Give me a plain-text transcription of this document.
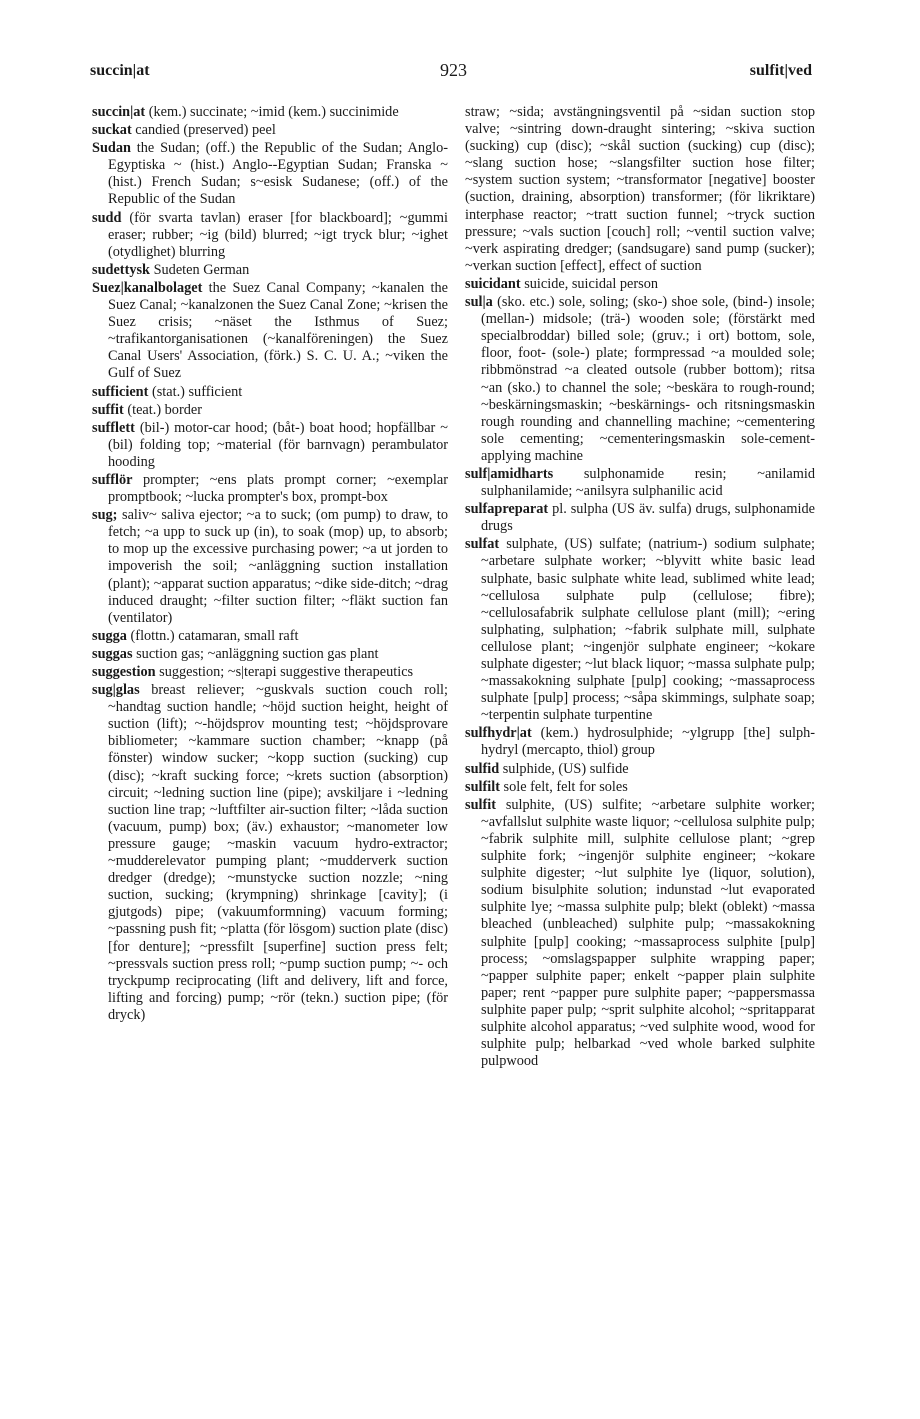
succin|at	923	sulfit|ved

succin|at (kem.) succinate; ~imid (kem.) succinimide

suckat candied (preserved) peel

Sudan the Sudan; (off.) the Republic of the Sudan; Anglo-Egyptiska ~ (hist.) Anglo--Egyptian Sudan; Franska ~ (hist.) French Sudan; s~esisk Sudanese; (off.) of the Republic of the Sudan

sudd (för svarta tavlan) eraser [for blackboard]; ~gummi eraser; rubber; ~ig (bild) blurred; ~igt tryck blur; ~ighet (otydlighet) blurring

sudettysk Sudeten German

Suez|kanalbolaget the Suez Canal Company; ~kanalen the Suez Canal; ~kanalzonen the Suez Canal Zone; ~krisen the Suez crisis; ~näset the Isthmus of Suez; ~trafikantorganisationen (~kanalföreningen) the Suez Canal Users' Association, (förk.) S. C. U. A.; ~viken the Gulf of Suez

sufficient (stat.) sufficient

suffit (teat.) border

sufflett (bil-) motor-car hood; (båt-) boat hood; hopfällbar ~ (bil) folding top; ~material (för barnvagn) perambulator hooding

sufflör prompter; ~ens plats prompt corner; ~exemplar promptbook; ~lucka prompter's box, prompt-box

sug; saliv~ saliva ejector; ~a to suck; (om pump) to draw, to fetch; ~a upp to suck up (in), to soak (mop) up, to absorb; to mop up the excessive purchasing power; ~a ut jorden to impoverish the soil; ~anläggning suction installation (plant); ~apparat suction apparatus; ~dike side-ditch; ~drag induced draught; ~filter suction filter; ~fläkt suction fan (ventilator)

sugga (flottn.) catamaran, small raft

suggas suction gas; ~anläggning suction gas plant

suggestion suggestion; ~s|terapi suggestive therapeutics

sug|glas breast reliever; ~guskvals suction couch roll; ~handtag suction handle; ~höjd suction height, height of suction (lift); ~-höjdsprov mounting test; ~höjdsprovare bibliometer; ~kammare suction chamber; ~knapp (på fönster) window sucker; ~kopp suction (sucking) cup (disc); ~kraft sucking force; ~krets suction (absorption) circuit; ~ledning suction line (pipe); avskiljare i ~ledning suction line trap; ~luftfilter air-suction filter; ~låda suction (vacuum, pump) box; (äv.) exhaustor; ~manometer low pressure gauge; ~maskin vacuum hydro-extractor; ~mudderelevator pumping plant; ~mudderverk suction dredger (dredge); ~munstycke suction nozzle; ~ning suction, sucking; (krympning) shrinkage [cavity]; (i gjutgods) pipe; (vakuumformning) vacuum forming; ~passning push fit; ~platta (för lösgom) suction plate (disc) [for denture]; ~pressfilt [superfine] suction press felt; ~pressvals suction press roll; ~pump suction pump; ~- och tryckpump reciprocating (lift and delivery, lift and force, lifting and forcing) pump; ~rör (tekn.) suction pipe; (för dryck)

straw; ~sida; avstängningsventil på ~sidan suction stop valve; ~sintring down-draught sintering; ~skiva suction (sucking) cup (disc); ~skål suction (sucking) cup (disc); ~slang suction hose; ~slangsfilter suction hose filter; ~system suction system; ~transformator [negative] booster (suction, draining, absorption) transformer; (för likriktare) interphase reactor; ~tratt suction funnel; ~tryck suction pressure; ~vals suction [couch] roll; ~ventil suction valve; ~verk aspirating dredger; (sandsugare) sand pump (sucker); ~verkan suction [effect], effect of suction

suicidant suicide, suicidal person

sul|a (sko. etc.) sole, soling; (sko-) shoe sole, (bind-) insole; (mellan-) midsole; (trä-) wooden sole; (förstärkt med specialbroddar) billed sole; (gruv.; i ort) bottom, sole, floor, foot- (sole-) plate; formpressad ~a moulded sole; ribbmönstrad ~a cleated outsole (rubber bottom); ritsa ~an (sko.) to channel the sole; ~beskära to rough-round; ~beskärningsmaskin; ~beskärnings- och ritsningsmaskin rough rounding and channelling machine; ~cementering sole cementing; ~cementeringsmaskin sole-cement-applying machine

sulf|amidharts sulphonamide resin; ~anilamid sulphanilamide; ~anilsyra sulphanilic acid

sulfapreparat pl. sulpha (US äv. sulfa) drugs, sulphonamide drugs

sulfat sulphate, (US) sulfate; (natrium-) sodium sulphate; ~arbetare sulphate worker; ~blyvitt white basic lead sulphate, basic sulphate white lead, sublimed white lead; ~cellulosa sulphate pulp (cellulose; fibre); ~cellulosafabrik sulphate cellulose plant (mill); ~ering sulphating, sulphation; ~fabrik sulphate mill, sulphate cellulose plant; ~ingenjör sulphate engineer; ~kokare sulphate digester; ~lut black liquor; ~massa sulphate pulp; ~massakokning sulphate [pulp] cooking; ~massaprocess sulphate [pulp] process; ~såpa skimmings, sulphate soap; ~terpentin sulphate turpentine

sulfhydr|at (kem.) hydrosulphide; ~ylgrupp [the] sulph-hydryl (mercapto, thiol) group

sulfid sulphide, (US) sulfide

sulfilt sole felt, felt for soles

sulfit sulphite, (US) sulfite; ~arbetare sulphite worker; ~avfallslut sulphite waste liquor; ~cellulosa sulphite pulp; ~fabrik sulphite mill, sulphite cellulose plant; ~grep sulphite fork; ~ingenjör sulphite engineer; ~kokare sulphite digester; ~lut sulphite lye (liquor, solution), sodium bisulphite solution; indunstad ~lut evaporated sulphite lye; ~massa sulphite pulp; blekt (oblekt) ~massa bleached (unbleached) sulphite pulp; ~massakokning sulphite [pulp] cooking; ~massaprocess sulphite [pulp] process; ~omslagspapper sulphite wrapping paper; ~papper sulphite paper; enkelt ~papper plain sulphite paper; rent ~papper pure sulphite paper; ~pappersmassa sulphite paper pulp; ~sprit sulphite alcohol; ~spritapparat sulphite alcohol apparatus; ~ved sulphite wood, wood for sulphite pulp; helbarkad ~ved whole barked sulphite pulpwood
